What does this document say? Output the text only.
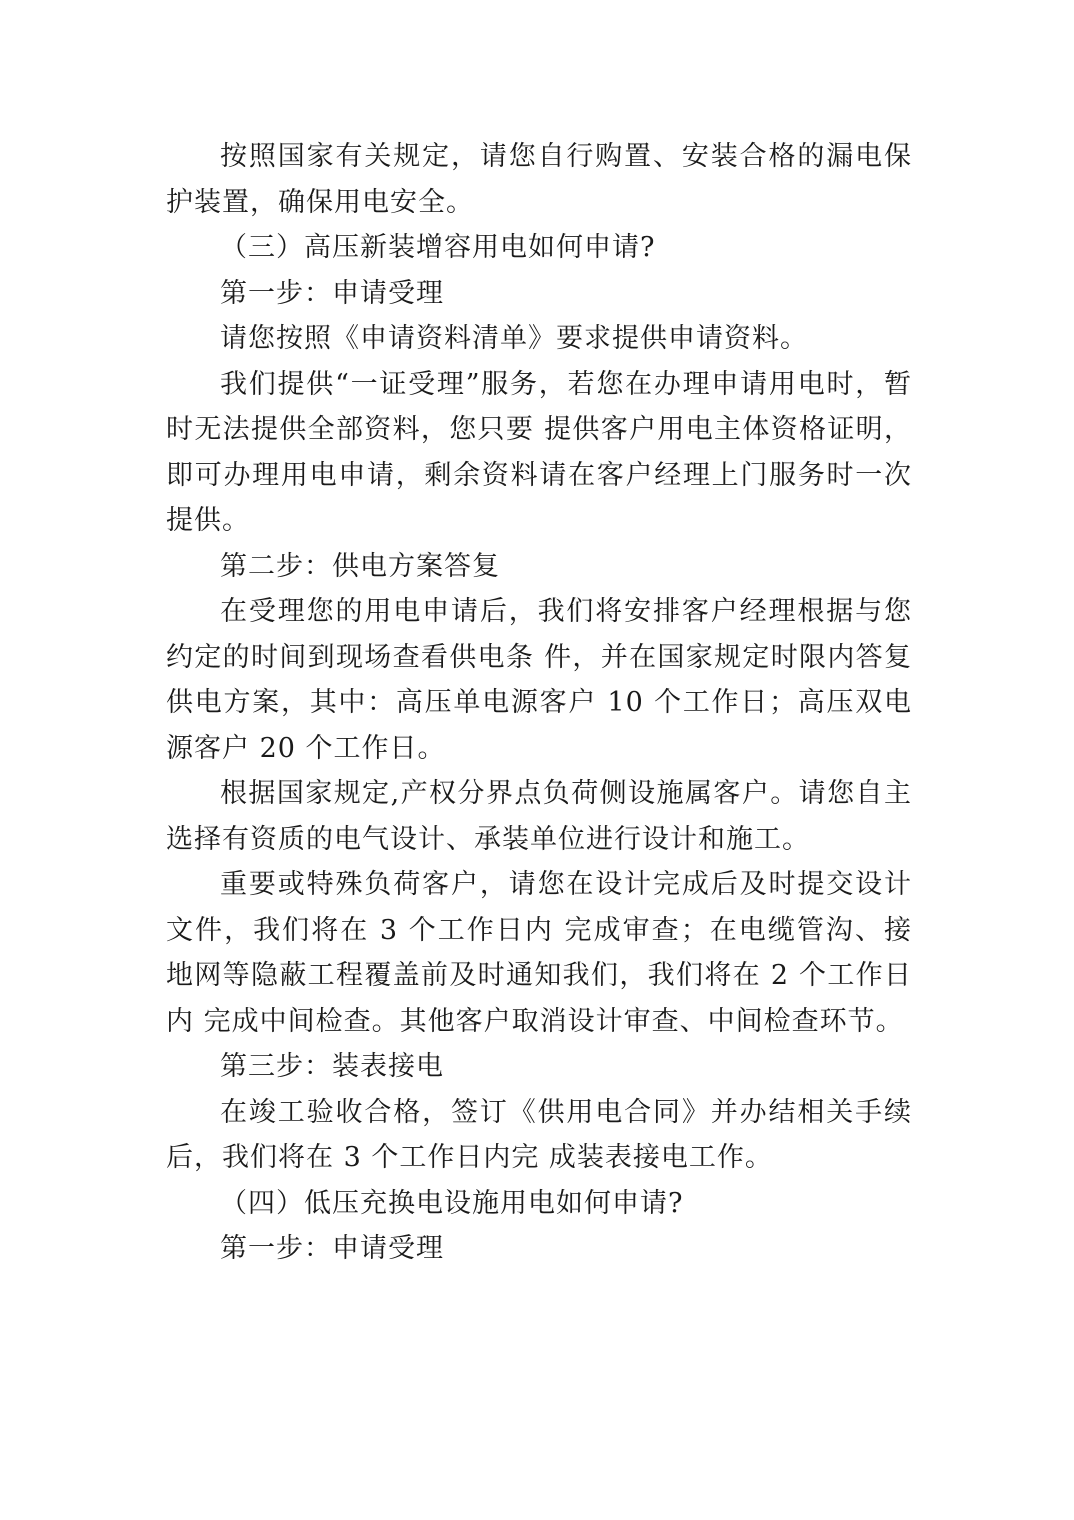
按照国家有关规定，请您自行购置、安装合格的漏电保护装置，确保用电安全。

（三）高压新装增容用电如何申请?

第一步：申请受理

请您按照《申请资料清单》要求提供申请资料。

我们提供“一证受理”服务，若您在办理申请用电时，暂时无法提供全部资料，您只要 提供客户用电主体资格证明，即可办理用电申请，剩余资料请在客户经理上门服务时一次提供。

第二步：供电方案答复

在受理您的用电申请后，我们将安排客户经理根据与您约定的时间到现场查看供电条 件，并在国家规定时限内答复供电方案，其中：高压单电源客户 10 个工作日；高压双电源客户 20 个工作日。

根据国家规定,产权分界点负荷侧设施属客户。请您自主选择有资质的电气设计、承装单位进行设计和施工。

重要或特殊负荷客户，请您在设计完成后及时提交设计文件，我们将在 3 个工作日内 完成审查；在电缆管沟、接地网等隐蔽工程覆盖前及时通知我们，我们将在 2 个工作日内 完成中间检查。其他客户取消设计审查、中间检查环节。

第三步：装表接电

在竣工验收合格，签订《供用电合同》并办结相关手续后，我们将在 3 个工作日内完 成装表接电工作。

（四）低压充换电设施用电如何申请?

第一步：申请受理
